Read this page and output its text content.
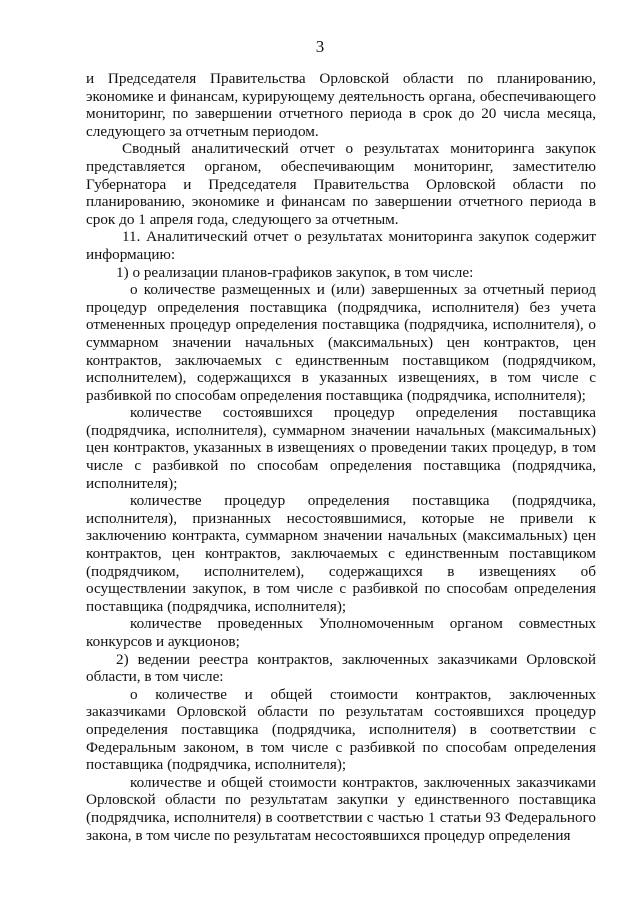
3

и Председателя Правительства Орловской области по планированию, экономике и финансам, курирующему деятельность органа, обеспечивающего мониторинг, по завершении отчетного периода в срок до 20 числа месяца, следующего за отчетным периодом.

Сводный аналитический отчет о результатах мониторинга закупок представляется органом, обеспечивающим мониторинг, заместителю Губернатора и Председателя Правительства Орловской области по планированию, экономике и финансам по завершении отчетного периода в срок до 1 апреля года, следующего за отчетным.

11. Аналитический отчет о результатах мониторинга закупок содержит информацию:

1) о реализации планов-графиков закупок, в том числе:

о количестве размещенных и (или) завершенных за отчетный период процедур определения поставщика (подрядчика, исполнителя) без учета отмененных процедур определения поставщика (подрядчика, исполнителя), о суммарном значении начальных (максимальных) цен контрактов, цен контрактов, заключаемых с единственным поставщиком (подрядчиком, исполнителем), содержащихся в указанных извещениях, в том числе с разбивкой по способам определения поставщика (подрядчика, исполнителя);

количестве состоявшихся процедур определения поставщика (подрядчика, исполнителя), суммарном значении начальных (максимальных) цен контрактов, указанных в извещениях о проведении таких процедур, в том числе с разбивкой по способам определения поставщика (подрядчика, исполнителя);

количестве процедур определения поставщика (подрядчика, исполнителя), признанных несостоявшимися, которые не привели к заключению контракта, суммарном значении начальных (максимальных) цен контрактов, цен контрактов, заключаемых с единственным поставщиком (подрядчиком, исполнителем), содержащихся в извещениях об осуществлении закупок, в том числе с разбивкой по способам определения поставщика (подрядчика, исполнителя);

количестве проведенных Уполномоченным органом совместных конкурсов и аукционов;

2) ведении реестра контрактов, заключенных заказчиками Орловской области, в том числе:

о количестве и общей стоимости контрактов, заключенных заказчиками Орловской области по результатам состоявшихся процедур определения поставщика (подрядчика, исполнителя) в соответствии с Федеральным законом, в том числе с разбивкой по способам определения поставщика (подрядчика, исполнителя);

количестве и общей стоимости контрактов, заключенных заказчиками Орловской области по результатам закупки у единственного поставщика (подрядчика, исполнителя) в соответствии с частью 1 статьи 93 Федерального закона, в том числе по результатам несостоявшихся процедур определения
